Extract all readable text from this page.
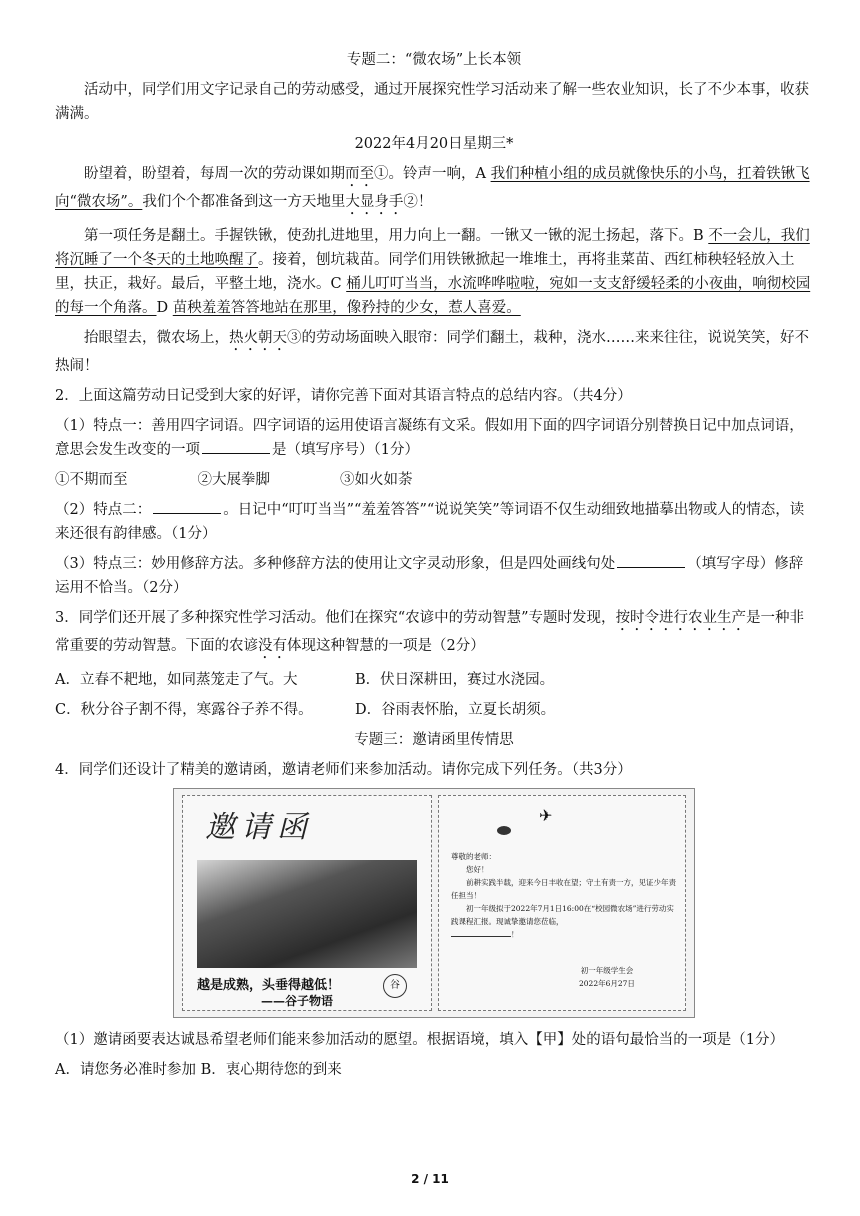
专题二：“微农场”上长本领
活动中，同学们用文字记录自己的劳动感受，通过开展探究性学习活动来了解一些农业知识，长了不少本事，收获满满。
2022年4月20日星期三*
盼望着，盼望着，每周一次的劳动课如期而至①。铃声一响，A 我们种植小组的成员就像快乐的小鸟，扛着铁锹飞向“微农场”。我们个个都准备到这一方天地里大显身手②！
第一项任务是翻土。手握铁锹，使劲扎进地里，用力向上一翻。一锹又一锹的泥土扬起，落下。B 不一会儿，我们将沉睡了一个冬天的土地唤醒了。接着，刨坑栽苗。同学们用铁锹掀起一堆堆土，再将韭菜苗、西红柿秧轻轻放入土里，扶正，栽好。最后，平整土地，浇水。C 桶儿叮叮当当，水流哗哗啦啦，宛如一支支舒缓轻柔的小夜曲，响彻校园的每一个角落。D 苗秧羞羞答答地站在那里，像矜持的少女，惹人喜爱。
抬眼望去，微农场上，热火朝天③的劳动场面映入眼帘：同学们翻土，栽种，浇水……来来往往，说说笑笑，好不热闹！
2．上面这篇劳动日记受到大家的好评，请你完善下面对其语言特点的总结内容。（共4分）
（1）特点一：善用四字词语。四字词语的运用使语言凝练有文采。假如用下面的四字词语分别替换日记中加点词语，意思会发生改变的一项	是（填写序号）（1分）
①不期而至	②大展拳脚	③如火如荼
（2）特点二：	。日记中“叮叮当当”“羞羞答答”“说说笑笑”等词语不仅生动细致地描摹出物或人的情态，读来还很有韵律感。（1分）
（3）特点三：妙用修辞方法。多种修辞方法的使用让文字灵动形象，但是四处画线句处	（填写字母）修辞运用不恰当。（2分）
3．同学们还开展了多种探究性学习活动。他们在探究“农谚中的劳动智慧”专题时发现，按时令进行农业生产是一种非常重要的劳动智慧。下面的农谚没有体现这种智慧的一项是（2分）
A．立春不耙地，如同蒸笼走了气。大	B．伏日深耕田，赛过水浇园。
C．秋分谷子割不得，寒露谷子养不得。	D．谷雨表怀胎，立夏长胡须。
专题三：邀请函里传情思
4．同学们还设计了精美的邀请函，邀请老师们来参加活动。请你完成下列任务。（共3分）
邀请函
越是成熟，头垂得越低！	谷
——谷子物语
✈

尊敬的老师：

您好！

前耕实践半载，迎来今日丰收在望；守土有责一方，见证少年责任担当！

初一年级拟于2022年7月1日16:00在“校园微农场”进行劳动实践课程汇报。现诚挚邀请您莅临，

！

初一年级学生会
2022年6月27日
（1）邀请函要表达诚恳希望老师们能来参加活动的愿望。根据语境，填入【甲】处的语句最恰当的一项是（1分）
A．请您务必准时参加 B．衷心期待您的到来
2 / 11
